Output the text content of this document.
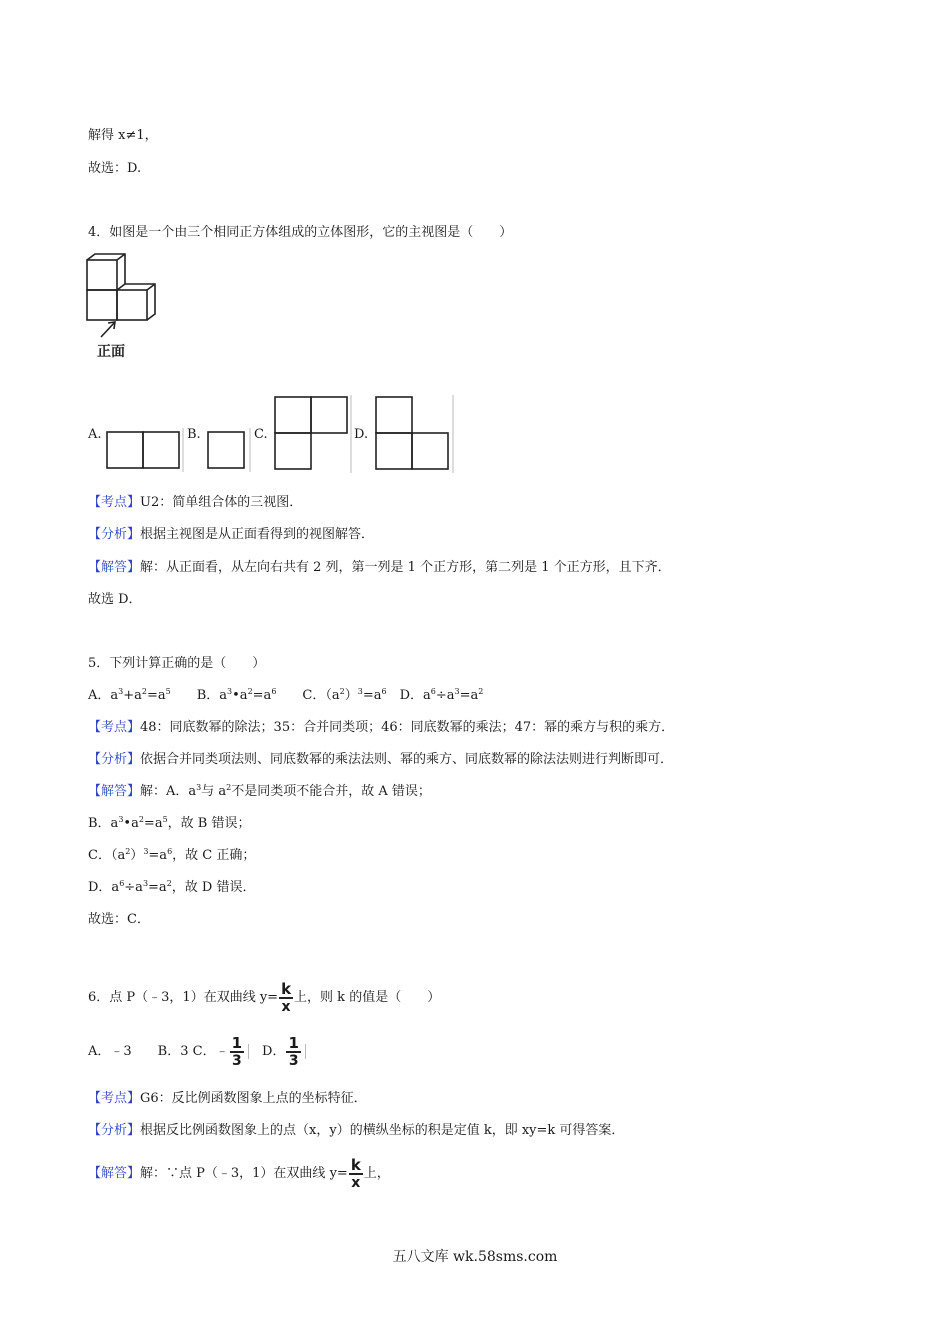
解得 x≠1，
故选：D.
4．如图是一个由三个相同正方体组成的立体图形，它的主视图是（　　）
正面
A.	B.	C.	D.
【考点】U2：简单组合体的三视图．
【分析】根据主视图是从正面看得到的视图解答．
【解答】解：从正面看，从左向右共有 2 列，第一列是 1 个正方形，第二列是 1 个正方形，且下齐．
故选 D．
5．下列计算正确的是（　　）
A．$a^3+a^2=a^5$　　B．$a^3•a^2=a^6$　　C．$(a^2)^3=a^6$　D．$a^6\div a^3=a^2$
【考点】48：同底数幂的除法；35：合并同类项；46：同底数幂的乘法；47：幂的乘方与积的乘方．
【分析】依据合并同类项法则、同底数幂的乘法法则、幂的乘方、同底数幂的除法法则进行判断即可．
【解答】解：A．$a^3$与 $a^2$不是同类项不能合并，故 A 错误；
B．$a^3•a^2=a^5$，故 B 错误；
C．$(a^2)^3=a^6$，故 C 正确；
D．$a^6\div a^3=a^2$，故 D 错误．
故选：C．
6．点 P（﹣3，1）在双曲线 $y= \frac{k}{x}$ 上，则 k 的值是（　　）
A．﹣3　　B．3 C．﹣ $\frac{1}{3}$
　 D． $\frac{1}{3}$
【考点】G6：反比例函数图象上点的坐标特征．
【分析】根据反比例函数图象上的点（x，y）的横纵坐标的积是定值 k，即 xy=k 可得答案．
【解答】解：∵点 P（﹣3，1）在双曲线 $y= \frac{k}{x}$ 上，
五八文库 wk.58sms.com
